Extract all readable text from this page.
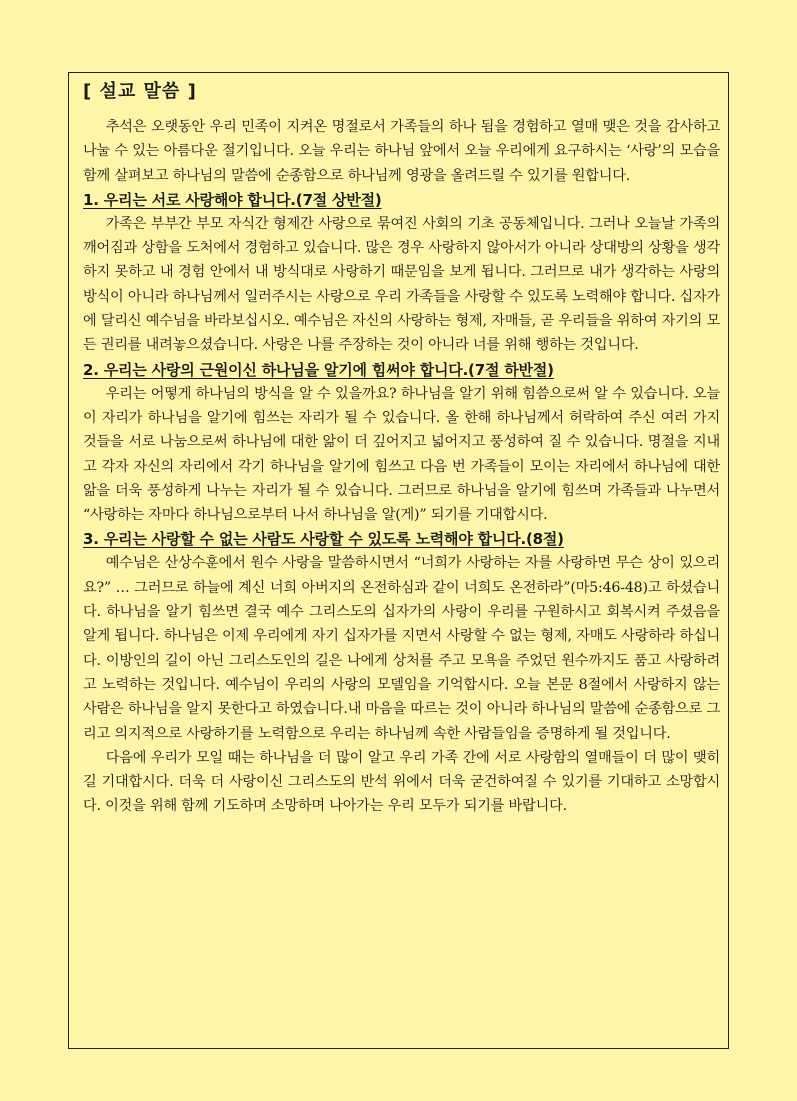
[ 설교 말씀 ]

추석은 오랫동안 우리 민족이 지켜온 명절로서 가족들의 하나 됨을 경험하고 열매 맺은 것을 감사하고 나눌 수 있는 아름다운 절기입니다. 오늘 우리는 하나님 앞에서 오늘 우리에게 요구하시는 ‘사랑’의 모습을 함께 살펴보고 하나님의 말씀에 순종함으로 하나님께 영광을 올려드릴 수 있기를 원합니다.

1. 우리는 서로 사랑해야 합니다.(7절 상반절)

가족은 부부간 부모 자식간 형제간 사랑으로 묶여진 사회의 기초 공동체입니다. 그러나 오늘날 가족의 깨어짐과 상함을 도처에서 경험하고 있습니다. 많은 경우 사랑하지 않아서가 아니라 상대방의 상황을 생각하지 못하고 내 경험 안에서 내 방식대로 사랑하기 때문임을 보게 됩니다. 그러므로 내가 생각하는 사랑의 방식이 아니라 하나님께서 일러주시는 사랑으로 우리 가족들을 사랑할 수 있도록 노력해야 합니다. 십자가에 달리신 예수님을 바라보십시오. 예수님은 자신의 사랑하는 형제, 자매들, 곧 우리들을 위하여 자기의 모든 권리를 내려놓으셨습니다. 사랑은 나를 주장하는 것이 아니라 너를 위해 행하는 것입니다.

2. 우리는 사랑의 근원이신 하나님을 알기에 힘써야 합니다.(7절 하반절)

우리는 어떻게 하나님의 방식을 알 수 있을까요? 하나님을 알기 위해 힘씀으로써 알 수 있습니다. 오늘 이 자리가 하나님을 알기에 힘쓰는 자리가 될 수 있습니다. 올 한해 하나님께서 허락하여 주신 여러 가지 것들을 서로 나눔으로써 하나님에 대한 앎이 더 깊어지고 넓어지고 풍성하여 질 수 있습니다. 명절을 지내고 각자 자신의 자리에서 각기 하나님을 알기에 힘쓰고 다음 번 가족들이 모이는 자리에서 하나님에 대한 앎을 더욱 풍성하게 나누는 자리가 될 수 있습니다. 그러므로 하나님을 알기에 힘쓰며 가족들과 나누면서 “사랑하는 자마다 하나님으로부터 나서 하나님을 알(게)” 되기를 기대합시다.

3. 우리는 사랑할 수 없는 사람도 사랑할 수 있도록 노력해야 합니다.(8절)

예수님은 산상수훈에서 원수 사랑을 말씀하시면서 “너희가 사랑하는 자를 사랑하면 무슨 상이 있으리요?” … 그러므로 하늘에 계신 너희 아버지의 온전하심과 같이 너희도 온전하라”(마5:46-48)고 하셨습니다. 하나님을 알기 힘쓰면 결국 예수 그리스도의 십자가의 사랑이 우리를 구원하시고 회복시켜 주셨음을 알게 됩니다. 하나님은 이제 우리에게 자기 십자가를 지면서 사랑할 수 없는 형제, 자매도 사랑하라 하십니다. 이방인의 길이 아닌 그리스도인의 길은 나에게 상처를 주고 모욕을 주었던 원수까지도 품고 사랑하려고 노력하는 것입니다. 예수님이 우리의 사랑의 모델임을 기억합시다. 오늘 본문 8절에서 사랑하지 않는 사람은 하나님을 알지 못한다고 하였습니다.내 마음을 따르는 것이 아니라 하나님의 말씀에 순종함으로 그리고 의지적으로 사랑하기를 노력함으로 우리는 하나님께 속한 사람들임을 증명하게 될 것입니다.

다음에 우리가 모일 때는 하나님을 더 많이 알고 우리 가족 간에 서로 사랑함의 열매들이 더 많이 맺히길 기대합시다. 더욱 더 사랑이신 그리스도의 반석 위에서 더욱 굳건하여질 수 있기를 기대하고 소망합시다. 이것을 위해 함께 기도하며 소망하며 나아가는 우리 모두가 되기를 바랍니다.
